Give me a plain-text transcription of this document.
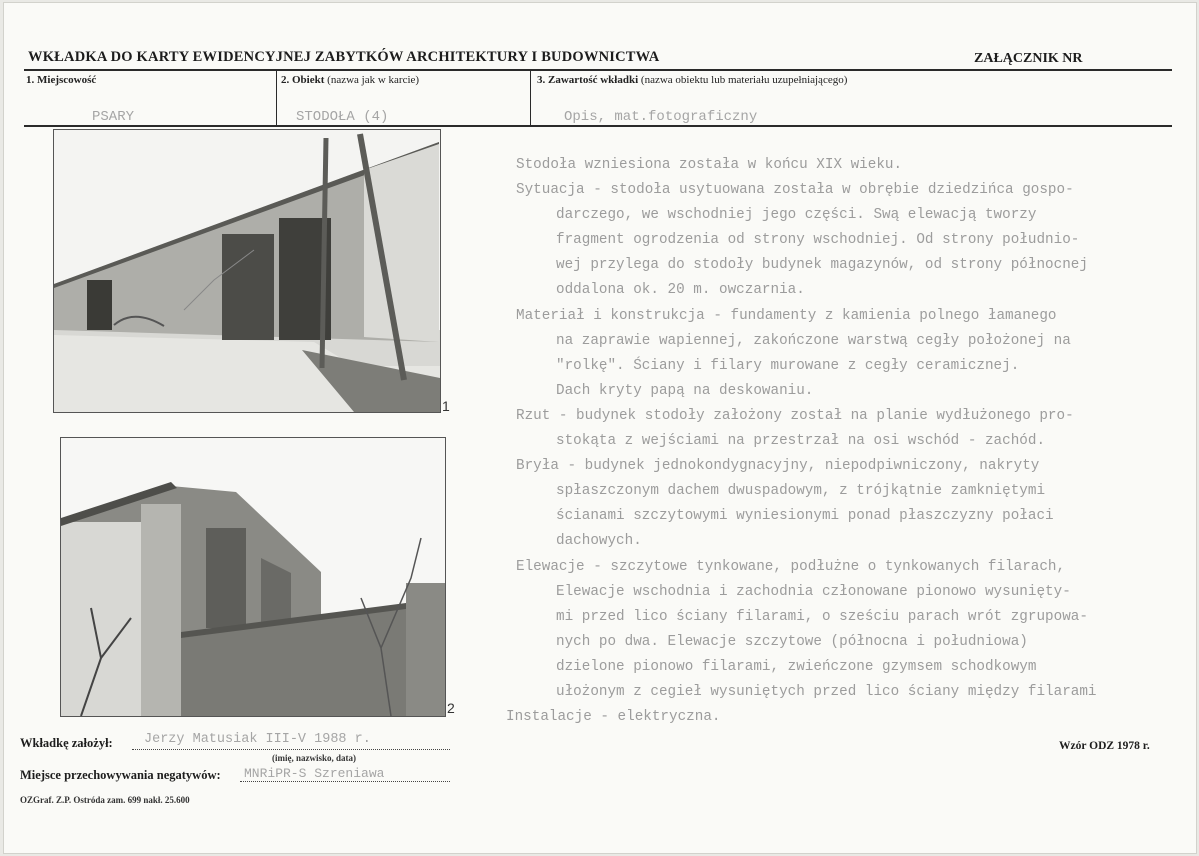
WKŁADKA DO KARTY EWIDENCYJNEJ ZABYTKÓW ARCHITEKTURY I BUDOWNICTWA	ZAŁĄCZNIK NR
1. Miejscowość	2. Obiekt (nazwa jak w karcie)	3. Zawartość wkładki (nazwa obiektu lub materiału uzupełniającego)
PSARY	STODOŁA (4)	Opis, mat.fotograficzny
1
2
Stodoła wzniesiona została w końcu XIX wieku.
Sytuacja - stodoła usytuowana została w obrębie dziedzińca gospo-
darczego, we wschodniej jego części. Swą elewacją tworzy
fragment ogrodzenia od strony wschodniej. Od strony południo-
wej przylega do stodoły budynek magazynów, od strony północnej
oddalona ok. 20 m. owczarnia.
Materiał i konstrukcja - fundamenty z kamienia polnego łamanego
na zaprawie wapiennej, zakończone warstwą cegły położonej na
"rolkę". Ściany i filary murowane z cegły ceramicznej.
Dach kryty papą na deskowaniu.
Rzut - budynek stodoły założony został na planie wydłużonego pro-
stokąta z wejściami na przestrzał na osi wschód - zachód.
Bryła - budynek jednokondygnacyjny, niepodpiwniczony, nakryty
spłaszczonym dachem dwuspadowym, z trójkątnie zamkniętymi
ścianami szczytowymi wyniesionymi ponad płaszczyzny połaci
dachowych.
Elewacje - szczytowe tynkowane, podłużne o tynkowanych filarach,
Elewacje wschodnia i zachodnia członowane pionowo wysunięty-
mi przed lico ściany filarami, o sześciu parach wrót zgrupowa-
nych po dwa. Elewacje szczytowe (północna i południowa)
dzielone pionowo filarami, zwieńczone gzymsem schodkowym
ułożonym z cegieł wysuniętych przed lico ściany między filarami
Instalacje - elektryczna.
Wkładkę założył: Jerzy Matusiak III-V 1988 r.
(imię, nazwisko, data)
Miejsce przechowywania negatywów: MNRiPR-S Szreniawa
OZGraf. Z.P. Ostróda zam. 699 nakł. 25.600
Wzór ODZ 1978 r.
